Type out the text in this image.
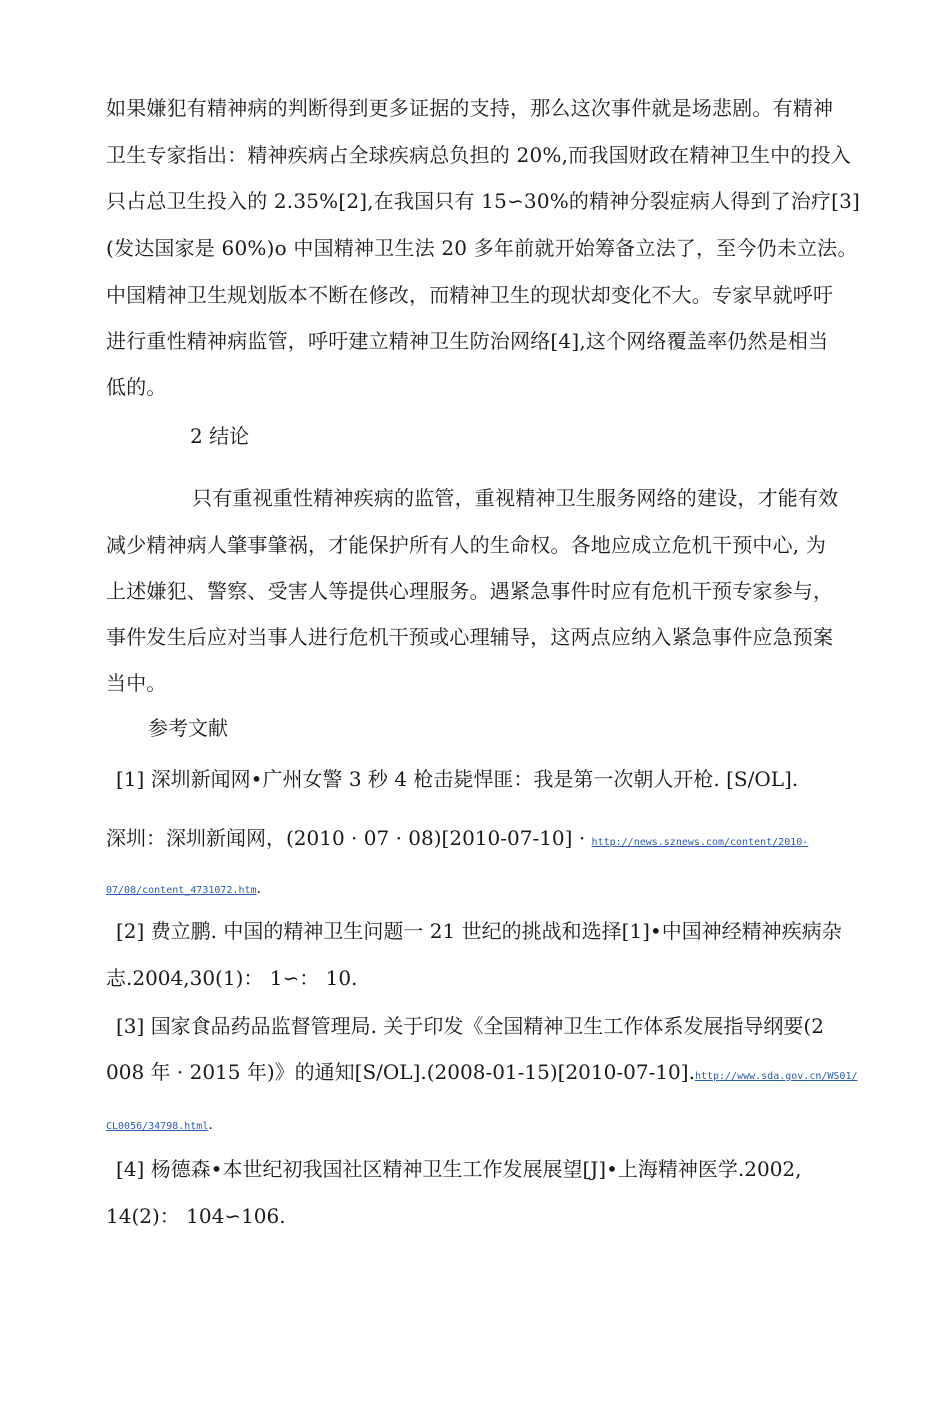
如果嫌犯有精神病的判断得到更多证据的支持，那么这次事件就是场悲剧。有精神
卫生专家指出：精神疾病占全球疾病总负担的 20%,而我国财政在精神卫生中的投入
只占总卫生投入的 2.35%[2],在我国只有 15∽30%的精神分裂症病人得到了治疗[3]
(发达国家是 60%)o 中国精神卫生法 20 多年前就开始筹备立法了，至今仍未立法。
中国精神卫生规划版本不断在修改，而精神卫生的现状却变化不大。专家早就呼吁
进行重性精神病监管，呼吁建立精神卫生防治网络[4],这个网络覆盖率仍然是相当
低的。
2 结论
只有重视重性精神疾病的监管，重视精神卫生服务网络的建设，才能有效
减少精神病人肇事肇祸，才能保护所有人的生命权。各地应成立危机干预中心, 为
上述嫌犯、警察、受害人等提供心理服务。遇紧急事件时应有危机干预专家参与，
事件发生后应对当事人进行危机干预或心理辅导，这两点应纳入紧急事件应急预案
当中。
参考文献
[1] 深圳新闻网•广州女警 3 秒 4 枪击毙悍匪：我是第一次朝人开枪. [S/OL].
深圳：深圳新闻网，(2010 · 07 · 08)[2010-07-10] · http://news.sznews.com/content/2010-
07/08/content_4731072.htm.
[2] 费立鹏. 中国的精神卫生问题一 21 世纪的挑战和选择[1]•中国神经精神疾病杂
志.2004,30(1)： 1∽： 10.
[3] 国家食品药品监督管理局. 关于印发《全国精神卫生工作体系发展指导纲要(2
008 年 · 2015 年)》的通知[S/OL].(2008-01-15)[2010-07-10].http://www.sda.gov.cn/WS01/
CL0056/34798.html.
[4] 杨德森•本世纪初我国社区精神卫生工作发展展望[J]•上海精神医学.2002,
14(2)： 104∽106.
